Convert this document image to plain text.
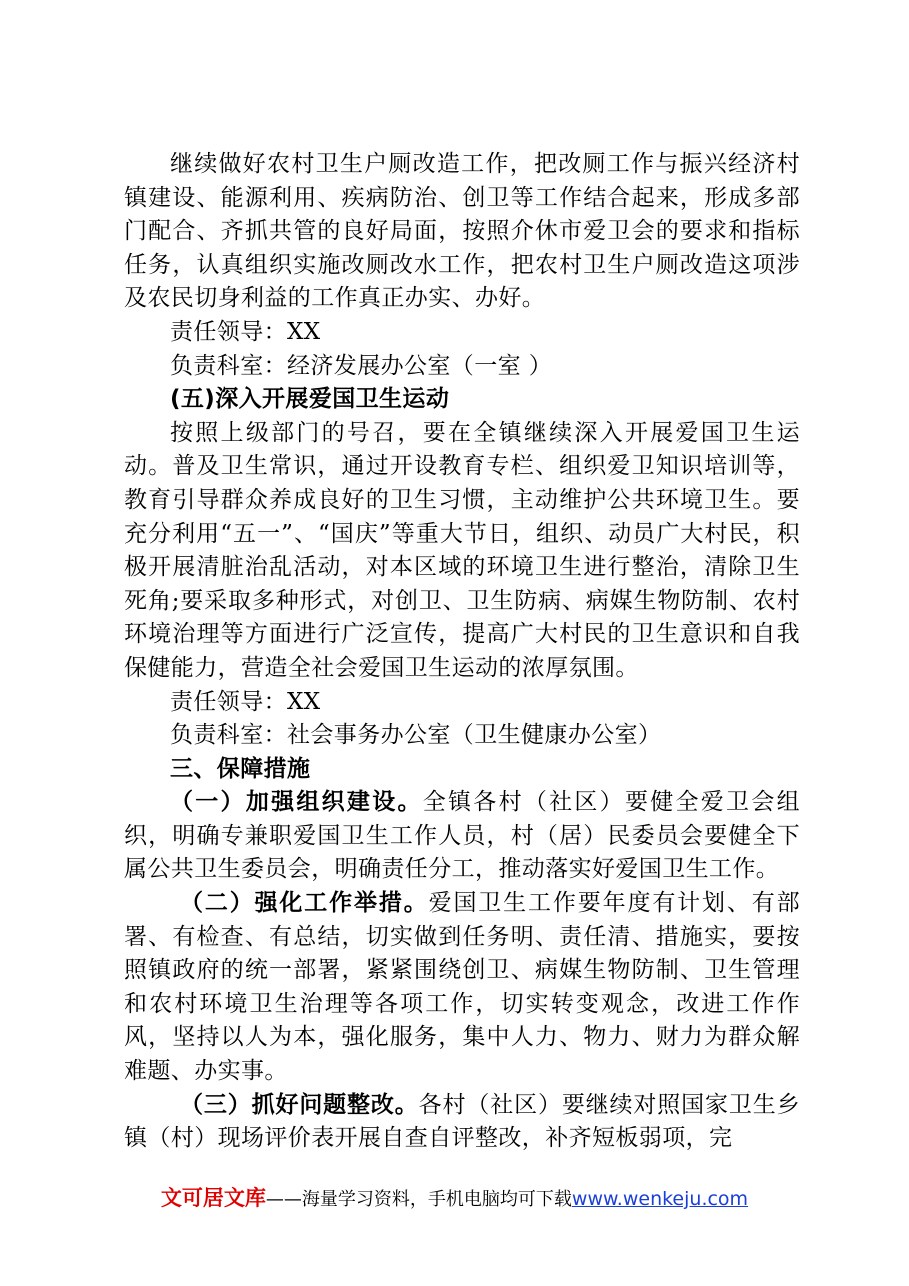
继续做好农村卫生户厕改造工作，把改厕工作与振兴经济村镇建设、能源利用、疾病防治、创卫等工作结合起来，形成多部门配合、齐抓共管的良好局面，按照介休市爱卫会的要求和指标任务，认真组织实施改厕改水工作，把农村卫生户厕改造这项涉及农民切身利益的工作真正办实、办好。

责任领导：XX

负责科室：经济发展办公室（一室 ）

(五)深入开展爱国卫生运动

按照上级部门的号召，要在全镇继续深入开展爱国卫生运动。普及卫生常识，通过开设教育专栏、组织爱卫知识培训等，教育引导群众养成良好的卫生习惯，主动维护公共环境卫生。要充分利用“五一”、“国庆”等重大节日，组织、动员广大村民，积极开展清脏治乱活动，对本区域的环境卫生进行整治，清除卫生死角;要采取多种形式，对创卫、卫生防病、病媒生物防制、农村环境治理等方面进行广泛宣传，提高广大村民的卫生意识和自我保健能力，营造全社会爱国卫生运动的浓厚氛围。

责任领导：XX

负责科室：社会事务办公室（卫生健康办公室）

三、保障措施

（一）加强组织建设。全镇各村（社区）要健全爱卫会组织，明确专兼职爱国卫生工作人员，村（居）民委员会要健全下属公共卫生委员会，明确责任分工，推动落实好爱国卫生工作。

（二）强化工作举措。爱国卫生工作要年度有计划、有部署、有检查、有总结，切实做到任务明、责任清、措施实，要按照镇政府的统一部署，紧紧围绕创卫、病媒生物防制、卫生管理和农村环境卫生治理等各项工作，切实转变观念，改进工作作风，坚持以人为本，强化服务，集中人力、物力、财力为群众解难题、办实事。

（三）抓好问题整改。各村（社区）要继续对照国家卫生乡镇（村）现场评价表开展自查自评整改，补齐短板弱项，完

文可居文库——海量学习资料，手机电脑均可下载www.wenkeju.com
